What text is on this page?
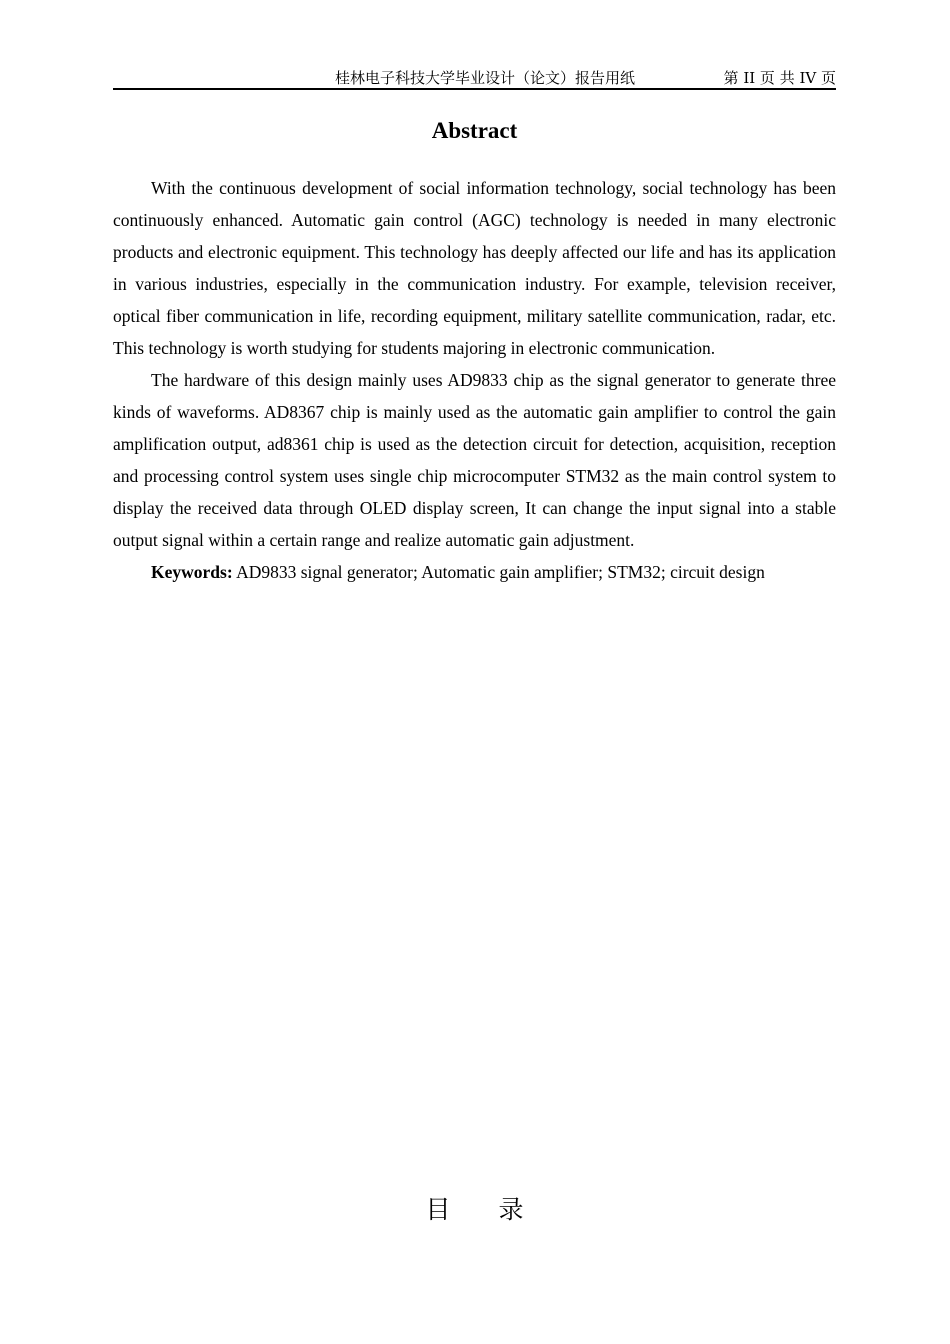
桂林电子科技大学毕业设计（论文）报告用纸	第 II 页 共 IV 页
Abstract

With the continuous development of social information technology, social technology has been continuously enhanced. Automatic gain control (AGC) technology is needed in many electronic products and electronic equipment. This technology has deeply affected our life and has its application in various industries, especially in the communication industry. For example, television receiver, optical fiber communication in life, recording equipment, military satellite communication, radar, etc. This technology is worth studying for students majoring in electronic communication.

The hardware of this design mainly uses AD9833 chip as the signal generator to generate three kinds of waveforms. AD8367 chip is mainly used as the automatic gain amplifier to control the gain amplification output, ad8361 chip is used as the detection circuit for detection, acquisition, reception and processing control system uses single chip microcomputer STM32 as the main control system to display the received data through OLED display screen, It can change the input signal into a stable output signal within a certain range and realize automatic gain adjustment.

Keywords: AD9833 signal generator; Automatic gain amplifier; STM32; circuit design

目录
